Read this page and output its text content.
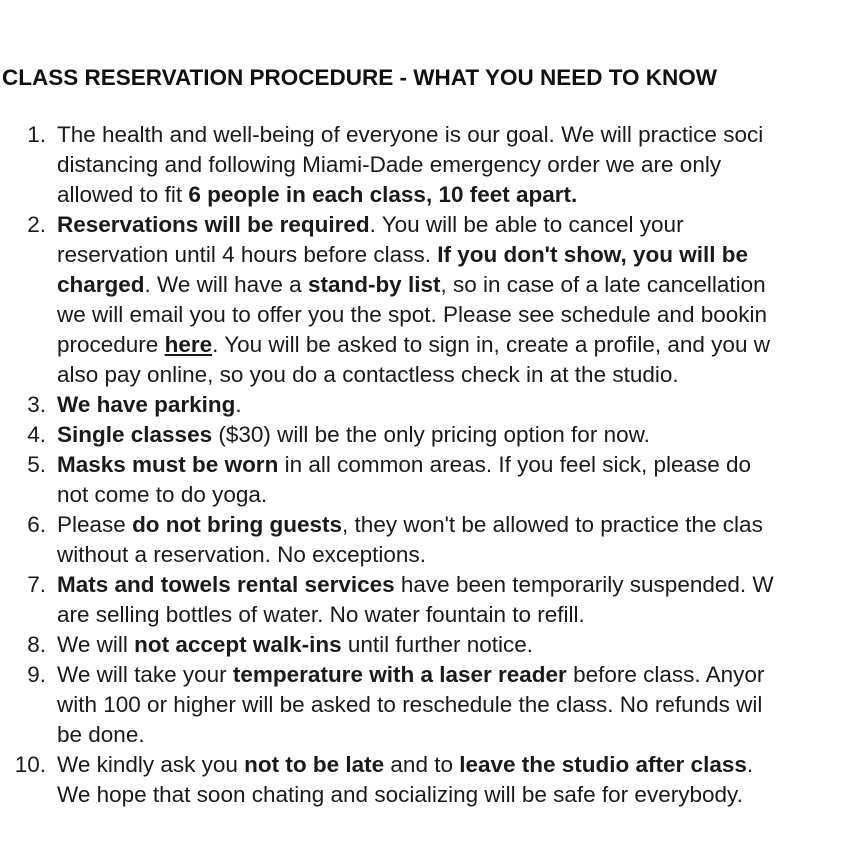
CLASS RESERVATION PROCEDURE - WHAT YOU NEED TO KNOW
1. The health and well-being of everyone is our goal. We will practice soci
distancing and following Miami-Dade emergency order we are only
allowed to fit 6 people in each class, 10 feet apart.
2. Reservations will be required. You will be able to cancel your
reservation until 4 hours before class. If you don't show, you will be
charged. We will have a stand-by list, so in case of a late cancellation
we will email you to offer you the spot. Please see schedule and bookin
procedure here. You will be asked to sign in, create a profile, and you w
also pay online, so you do a contactless check in at the studio.
3. We have parking.
4. Single classes ($30) will be the only pricing option for now.
5. Masks must be worn in all common areas. If you feel sick, please do
not come to do yoga.
6. Please do not bring guests, they won't be allowed to practice the clas
without a reservation. No exceptions.
7. Mats and towels rental services have been temporarily suspended. W
are selling bottles of water. No water fountain to refill.
8. We will not accept walk-ins until further notice.
9. We will take your temperature with a laser reader before class. Anyor
with 100 or higher will be asked to reschedule the class. No refunds wil
be done.
10. We kindly ask you not to be late and to leave the studio after class.
We hope that soon chating and socializing will be safe for everybody.
